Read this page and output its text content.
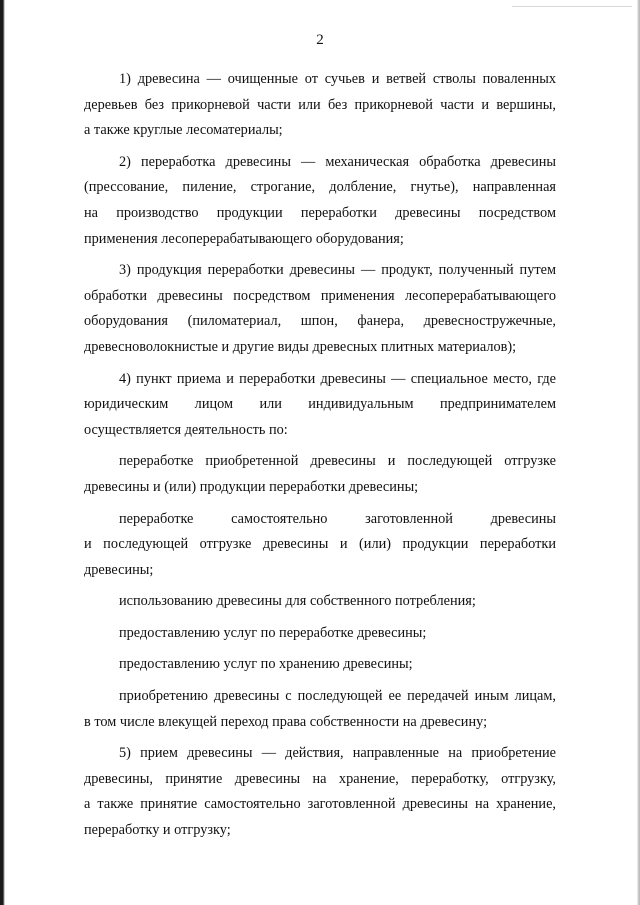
2
1) древесина — очищенные от сучьев и ветвей стволы поваленных
деревьев без прикорневой части или без прикорневой части и вершины,
а также круглые лесоматериалы;
2) переработка древесины — механическая обработка древесины
(прессование, пиление, строгание, долбление, гнутье), направленная
на производство продукции переработки древесины посредством
применения лесоперерабатывающего оборудования;
3) продукция переработки древесины — продукт, полученный путем
обработки древесины посредством применения лесоперерабатывающего
оборудования (пиломатериал, шпон, фанера, древесностружечные,
древесноволокнистые и другие виды древесных плитных материалов);
4) пункт приема и переработки древесины — специальное место, где
юридическим лицом или индивидуальным предпринимателем
осуществляется деятельность по:
переработке приобретенной древесины и последующей отгрузке
древесины и (или) продукции переработки древесины;
переработке самостоятельно заготовленной древесины
и последующей отгрузке древесины и (или) продукции переработки
древесины;
использованию древесины для собственного потребления;
предоставлению услуг по переработке древесины;
предоставлению услуг по хранению древесины;
приобретению древесины с последующей ее передачей иным лицам,
в том числе влекущей переход права собственности на древесину;
5) прием древесины — действия, направленные на приобретение
древесины, принятие древесины на хранение, переработку, отгрузку,
а также принятие самостоятельно заготовленной древесины на хранение,
переработку и отгрузку;
